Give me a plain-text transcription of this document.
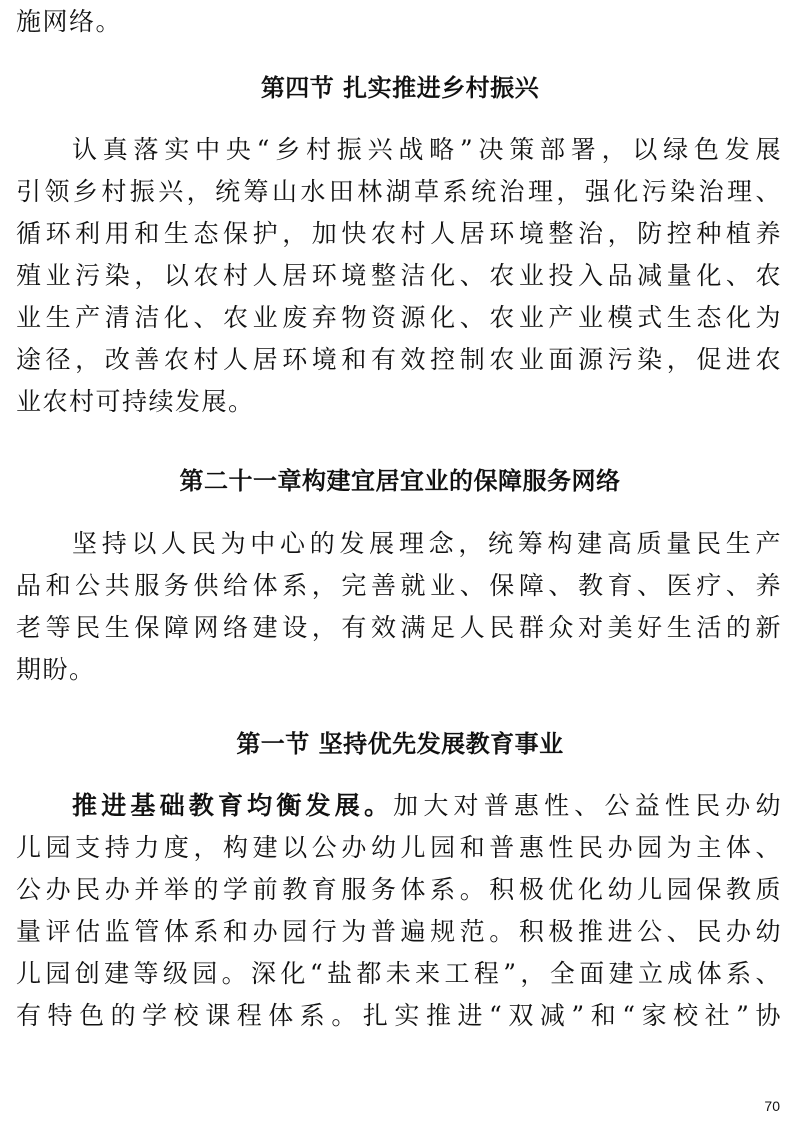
施网络。
第四节 扎实推进乡村振兴
认真落实中央“乡村振兴战略”决策部署，以绿色发展
引领乡村振兴，统筹山水田林湖草系统治理，强化污染治理、
循环利用和生态保护，加快农村人居环境整治，防控种植养
殖业污染，以农村人居环境整洁化、农业投入品减量化、农
业生产清洁化、农业废弃物资源化、农业产业模式生态化为
途径，改善农村人居环境和有效控制农业面源污染，促进农
业农村可持续发展。
第二十一章构建宜居宜业的保障服务网络
坚持以人民为中心的发展理念，统筹构建高质量民生产
品和公共服务供给体系，完善就业、保障、教育、医疗、养
老等民生保障网络建设，有效满足人民群众对美好生活的新
期盼。
第一节 坚持优先发展教育事业
推进基础教育均衡发展。加大对普惠性、公益性民办幼
儿园支持力度，构建以公办幼儿园和普惠性民办园为主体、
公办民办并举的学前教育服务体系。积极优化幼儿园保教质
量评估监管体系和办园行为普遍规范。积极推进公、民办幼
儿园创建等级园。深化“盐都未来工程”，全面建立成体系、
有特色的学校课程体系。扎实推进“双减”和“家校社”协
70
